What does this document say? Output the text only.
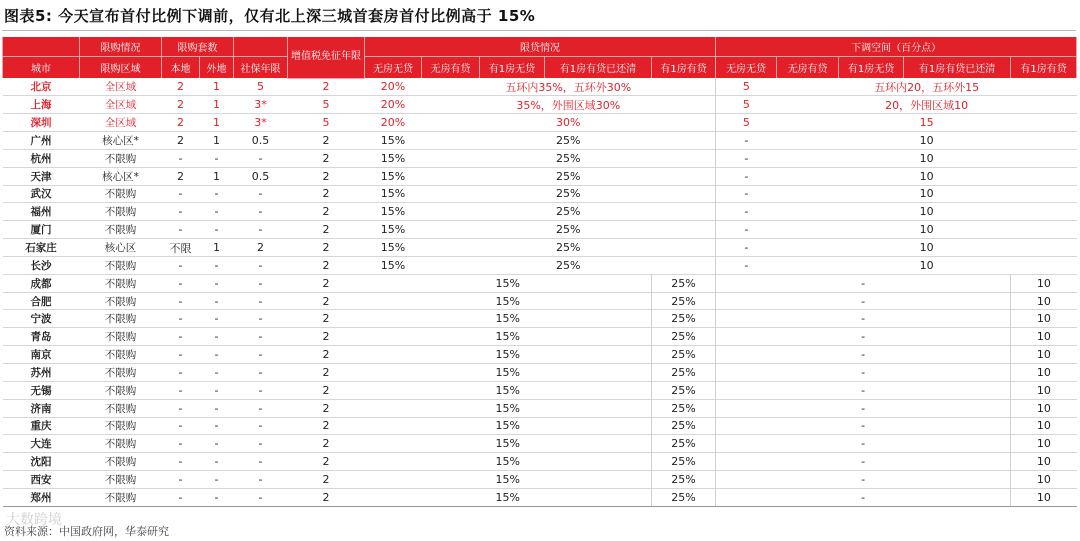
图表5: 今天宣布首付比例下调前，仅有北上深三城首套房首付比例高于 15%
	限购情况	限购套数			增值税免征年限	限贷情况					下调空间（百分点）				
城市	限购区域	本地	外地	社保年限		无房无贷	无房有贷	有1房无贷	有1房有贷已还清	有1房有贷	无房无贷	无房有贷	有1房无贷	有1房有贷已还清	有1房有贷
北京	全区域	2	1	5	2	20%	五环内35%，五环外30%				5	五环内20，五环外15			
上海	全区域	2	1	3*	5	20%	35%，外围区域30%				5	20，外围区域10			
深圳	全区域	2	1	3*	5	20%	30%				5	15			
广州	核心区*	2	1	0.5	2	15%	25%				-	10			
杭州	不限购	-	-	-	2	15%	25%				-	10			
天津	核心区*	2	1	0.5	2	15%	25%				-	10			
武汉	不限购	-	-	-	2	15%	25%				-	10			
福州	不限购	-	-	-	2	15%	25%				-	10			
厦门	不限购	-	-	-	2	15%	25%				-	10			
石家庄	核心区	不限	1	2	2	15%	25%				-	10			
长沙	不限购	-	-	-	2	15%	25%				-	10			
成都	不限购	-	-	-	2	15%				25%	-				10
合肥	不限购	-	-	-	2	15%				25%	-				10
宁波	不限购	-	-	-	2	15%				25%	-				10
青岛	不限购	-	-	-	2	15%				25%	-				10
南京	不限购	-	-	-	2	15%				25%	-				10
苏州	不限购	-	-	-	2	15%				25%	-				10
无锡	不限购	-	-	-	2	15%				25%	-				10
济南	不限购	-	-	-	2	15%				25%	-				10
重庆	不限购	-	-	-	2	15%				25%	-				10
大连	不限购	-	-	-	2	15%				25%	-				10
沈阳	不限购	-	-	-	2	15%				25%	-				10
西安	不限购	-	-	-	2	15%				25%	-				10
郑州	不限购	-	-	-	2	15%				25%	-				10
大数跨境
资料来源：中国政府网，华泰研究
